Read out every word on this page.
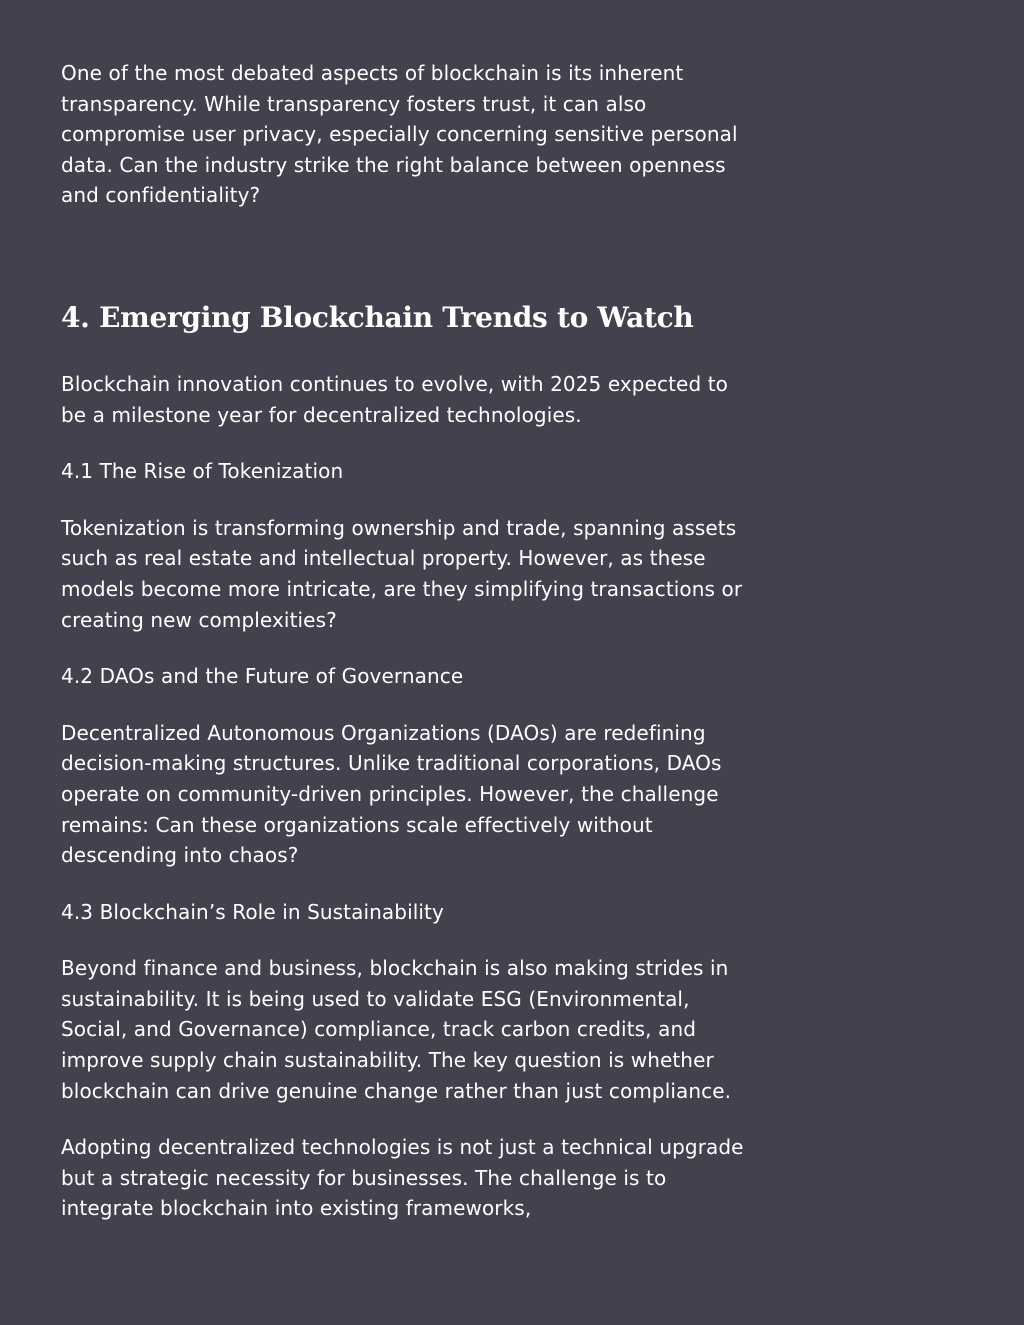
One of the most debated aspects of blockchain is its inherent transparency. While transparency fosters trust, it can also compromise user privacy, especially concerning sensitive personal data. Can the industry strike the right balance between openness and confidentiality?

4. Emerging Blockchain Trends to Watch

Blockchain innovation continues to evolve, with 2025 expected to be a milestone year for decentralized technologies.

4.1 The Rise of Tokenization

Tokenization is transforming ownership and trade, spanning assets such as real estate and intellectual property. However, as these models become more intricate, are they simplifying transactions or creating new complexities?

4.2 DAOs and the Future of Governance

Decentralized Autonomous Organizations (DAOs) are redefining decision-making structures. Unlike traditional corporations, DAOs operate on community-driven principles. However, the challenge remains: Can these organizations scale effectively without descending into chaos?

4.3 Blockchain’s Role in Sustainability

Beyond finance and business, blockchain is also making strides in sustainability. It is being used to validate ESG (Environmental, Social, and Governance) compliance, track carbon credits, and improve supply chain sustainability. The key question is whether blockchain can drive genuine change rather than just compliance.

Adopting decentralized technologies is not just a technical upgrade but a strategic necessity for businesses. The challenge is to integrate blockchain into existing frameworks,
